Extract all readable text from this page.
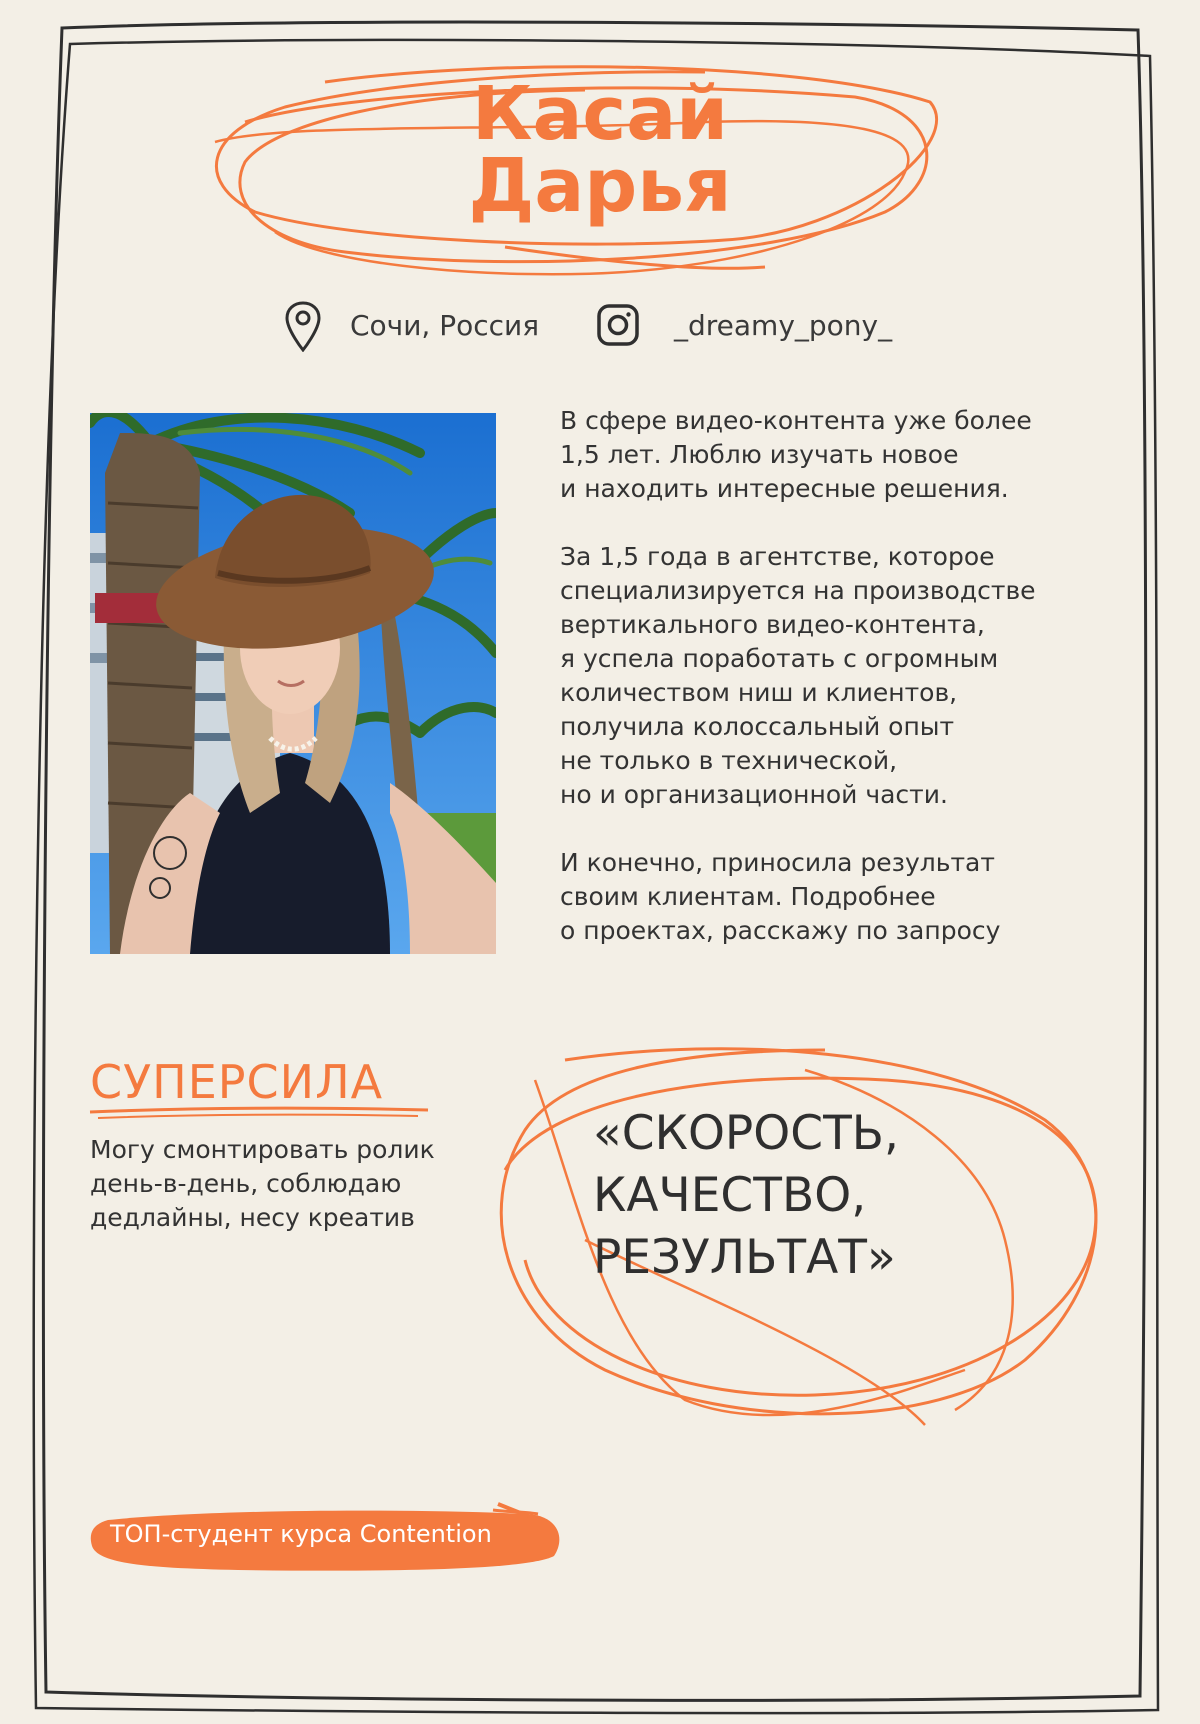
Касай
Дарья
Сочи, Россия	_dreamy_pony_

В сфере видео-контента уже более
1,5 лет. Люблю изучать новое
и находить интересные решения.

За 1,5 года в агентстве, которое
специализируется на производстве
вертикального видео-контента,
я успела поработать с огромным
количеством ниш и клиентов,
получила колоссальный опыт
не только в технической,
но и организационной части.

И конечно, приносила результат
своим клиентам. Подробнее
о проектах, расскажу по запросу

СУПЕРСИЛА
Могу смонтировать ролик день-в-день, соблюдаю дедлайны, несу креатив
«СКОРОСТЬ,
КАЧЕСТВО,
РЕЗУЛЬТАТ»
ТОП-студент курса Contention
